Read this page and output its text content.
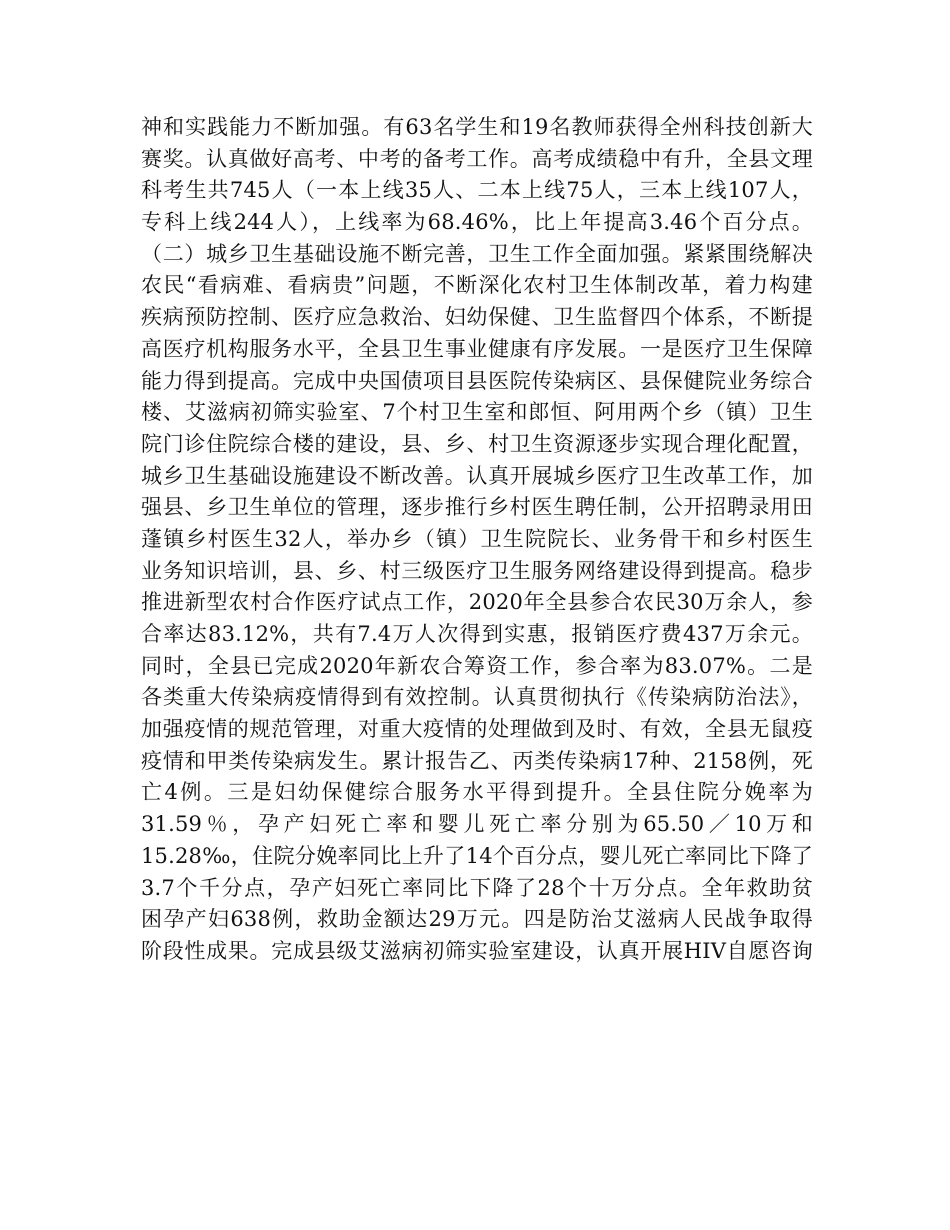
神和实践能力不断加强。有63名学生和19名教师获得全州科技创新大
赛奖。认真做好高考、中考的备考工作。高考成绩稳中有升，全县文理
科考生共745人（一本上线35人、二本上线75人，三本上线107人，
专科上线244人），上线率为68.46%，比上年提高3.46个百分点。
（二）城乡卫生基础设施不断完善，卫生工作全面加强。紧紧围绕解决
农民“看病难、看病贵”问题，不断深化农村卫生体制改革，着力构建
疾病预防控制、医疗应急救治、妇幼保健、卫生监督四个体系，不断提
高医疗机构服务水平，全县卫生事业健康有序发展。一是医疗卫生保障
能力得到提高。完成中央国债项目县医院传染病区、县保健院业务综合
楼、艾滋病初筛实验室、7个村卫生室和郎恒、阿用两个乡（镇）卫生
院门诊住院综合楼的建设，县、乡、村卫生资源逐步实现合理化配置，
城乡卫生基础设施建设不断改善。认真开展城乡医疗卫生改革工作，加
强县、乡卫生单位的管理，逐步推行乡村医生聘任制，公开招聘录用田
蓬镇乡村医生32人，举办乡（镇）卫生院院长、业务骨干和乡村医生
业务知识培训，县、乡、村三级医疗卫生服务网络建设得到提高。稳步
推进新型农村合作医疗试点工作，2020年全县参合农民30万余人，参
合率达83.12%，共有7.4万人次得到实惠，报销医疗费437万余元。
同时，全县已完成2020年新农合筹资工作，参合率为83.07%。二是
各类重大传染病疫情得到有效控制。认真贯彻执行《传染病防治法》，
加强疫情的规范管理，对重大疫情的处理做到及时、有效，全县无鼠疫
疫情和甲类传染病发生。累计报告乙、丙类传染病17种、2158例，死
亡4例。三是妇幼保健综合服务水平得到提升。全县住院分娩率为
31.59％，孕产妇死亡率和婴儿死亡率分别为65.50／10万和
15.28‰，住院分娩率同比上升了14个百分点，婴儿死亡率同比下降了
3.7个千分点，孕产妇死亡率同比下降了28个十万分点。全年救助贫
困孕产妇638例，救助金额达29万元。四是防治艾滋病人民战争取得
阶段性成果。完成县级艾滋病初筛实验室建设，认真开展HIV自愿咨询
